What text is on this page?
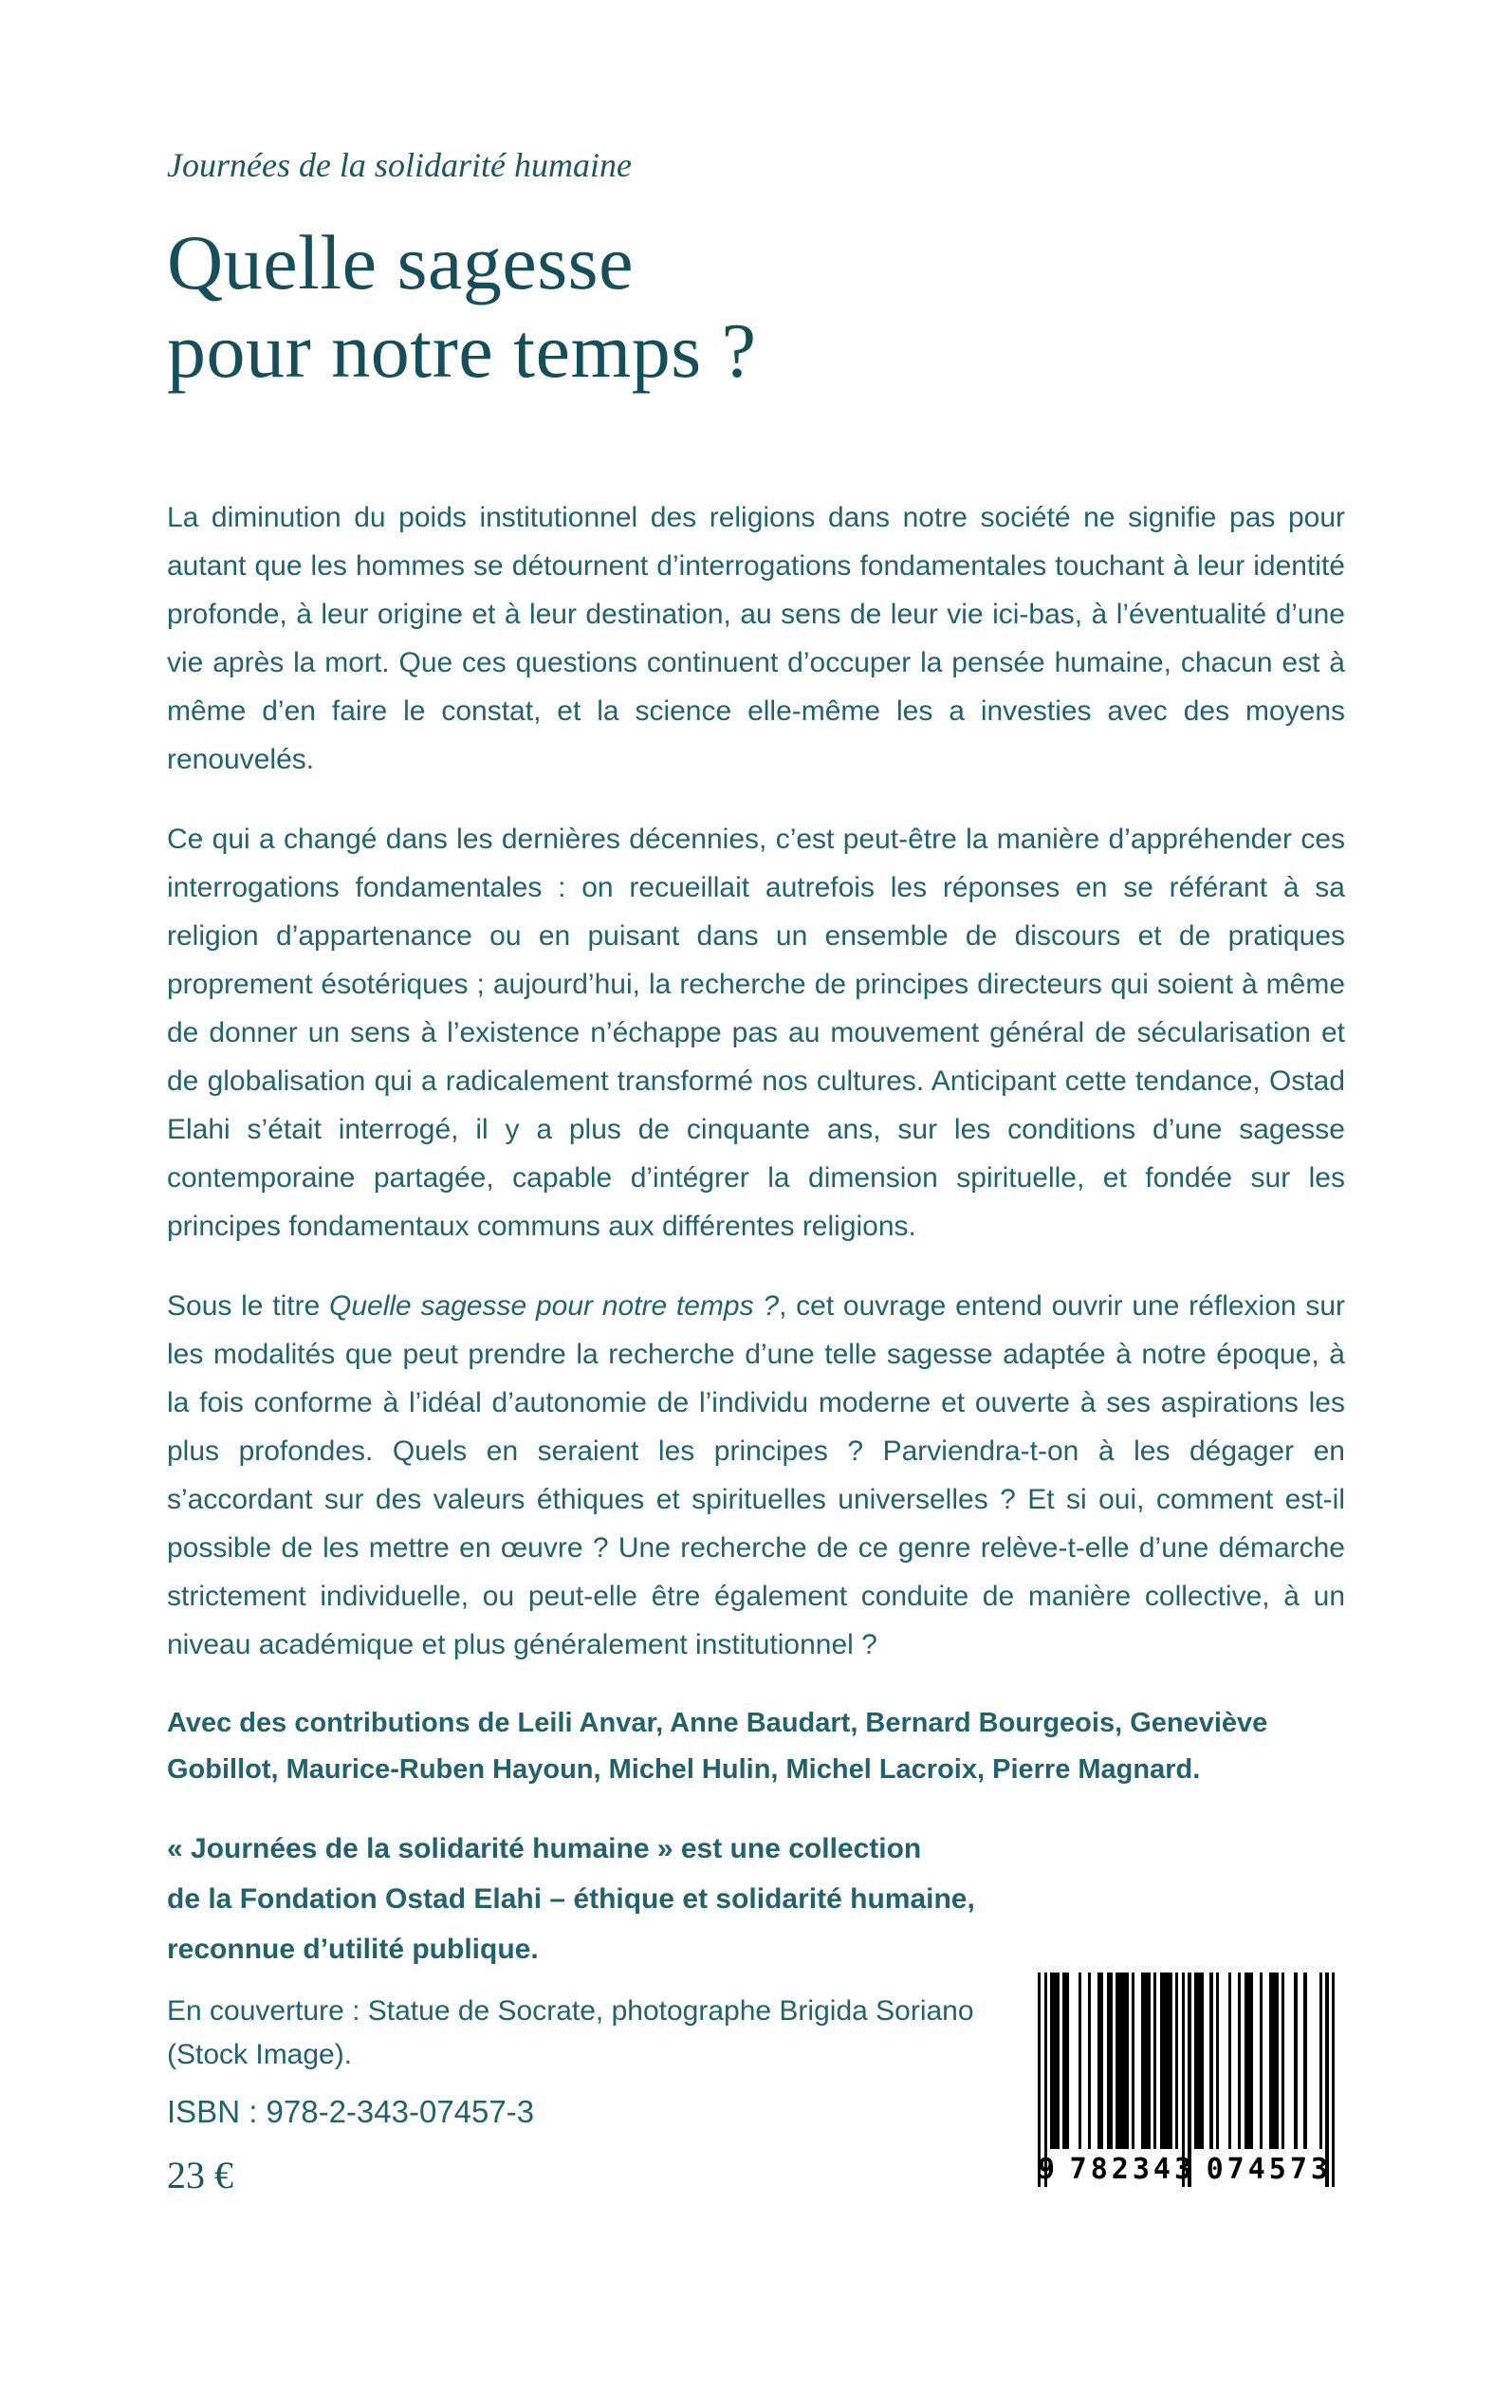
Journées de la solidarité humaine

Quelle sagesse
pour notre temps ?

La diminution du poids institutionnel des religions dans notre société ne signifie pas pour autant que les hommes se détournent d’interrogations fondamentales touchant à leur identité profonde, à leur origine et à leur destination, au sens de leur vie ici-bas, à l’éventualité d’une vie après la mort. Que ces questions continuent d’occuper la pensée humaine, chacun est à même d’en faire le constat, et la science elle-même les a investies avec des moyens renouvelés.

Ce qui a changé dans les dernières décennies, c’est peut-être la manière d’appréhender ces interrogations fondamentales : on recueillait autrefois les réponses en se référant à sa religion d’appartenance ou en puisant dans un ensemble de discours et de pratiques proprement ésotériques ; aujourd’hui, la recherche de principes directeurs qui soient à même de donner un sens à l’existence n’échappe pas au mouvement général de sécularisation et de globalisation qui a radicalement transformé nos cultures. Anticipant cette tendance, Ostad Elahi s’était interrogé, il y a plus de cinquante ans, sur les conditions d’une sagesse contemporaine partagée, capable d’intégrer la dimension spirituelle, et fondée sur les principes fondamentaux communs aux différentes religions.

Sous le titre Quelle sagesse pour notre temps ?, cet ouvrage entend ouvrir une réflexion sur les modalités que peut prendre la recherche d’une telle sagesse adaptée à notre époque, à la fois conforme à l’idéal d’autonomie de l’individu moderne et ouverte à ses aspirations les plus profondes. Quels en seraient les principes ? Parviendra-t-on à les dégager en s’accordant sur des valeurs éthiques et spirituelles universelles ? Et si oui, comment est-il possible de les mettre en œuvre ? Une recherche de ce genre relève-t-elle d’une démarche strictement individuelle, ou peut-elle être également conduite de manière collective, à un niveau académique et plus généralement institutionnel ?

Avec des contributions de Leili Anvar, Anne Baudart, Bernard Bourgeois, Geneviève Gobillot, Maurice-Ruben Hayoun, Michel Hulin, Michel Lacroix, Pierre Magnard.

« Journées de la solidarité humaine » est une collection
de la Fondation Ostad Elahi – éthique et solidarité humaine,
reconnue d’utilité publique.

En couverture : Statue de Socrate, photographe Brigida Soriano
(Stock Image).

ISBN : 978-2-343-07457-3

23 €	9 782343 074573
